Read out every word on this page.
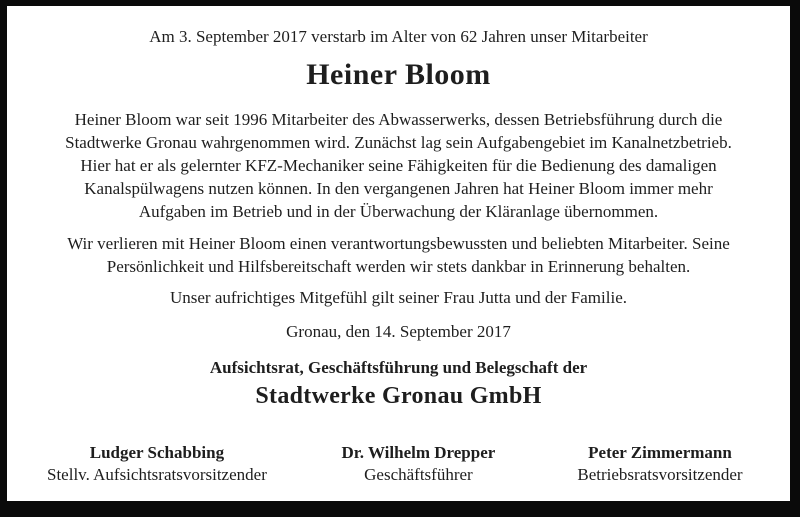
Am 3. September 2017 verstarb im Alter von 62 Jahren unser Mitarbeiter

Heiner Bloom
Heiner Bloom war seit 1996 Mitarbeiter des Abwasserwerks, dessen Betriebsführung durch die
Stadtwerke Gronau wahrgenommen wird. Zunächst lag sein Aufgabengebiet im Kanalnetzbetrieb.
Hier hat er als gelernter KFZ-Mechaniker seine Fähigkeiten für die Bedienung des damaligen
Kanalspülwagens nutzen können. In den vergangenen Jahren hat Heiner Bloom immer mehr
Aufgaben im Betrieb und in der Überwachung der Kläranlage übernommen.
Wir verlieren mit Heiner Bloom einen verantwortungsbewussten und beliebten Mitarbeiter. Seine
Persönlichkeit und Hilfsbereitschaft werden wir stets dankbar in Erinnerung behalten.

Unser aufrichtiges Mitgefühl gilt seiner Frau Jutta und der Familie.

Gronau, den 14. September 2017

Aufsichtsrat, Geschäftsführung und Belegschaft der

Stadtwerke Gronau GmbH

Ludger Schabbing
Stellv. Aufsichtsratsvorsitzender
Dr. Wilhelm Drepper
Geschäftsführer
Peter Zimmermann
Betriebsratsvorsitzender
